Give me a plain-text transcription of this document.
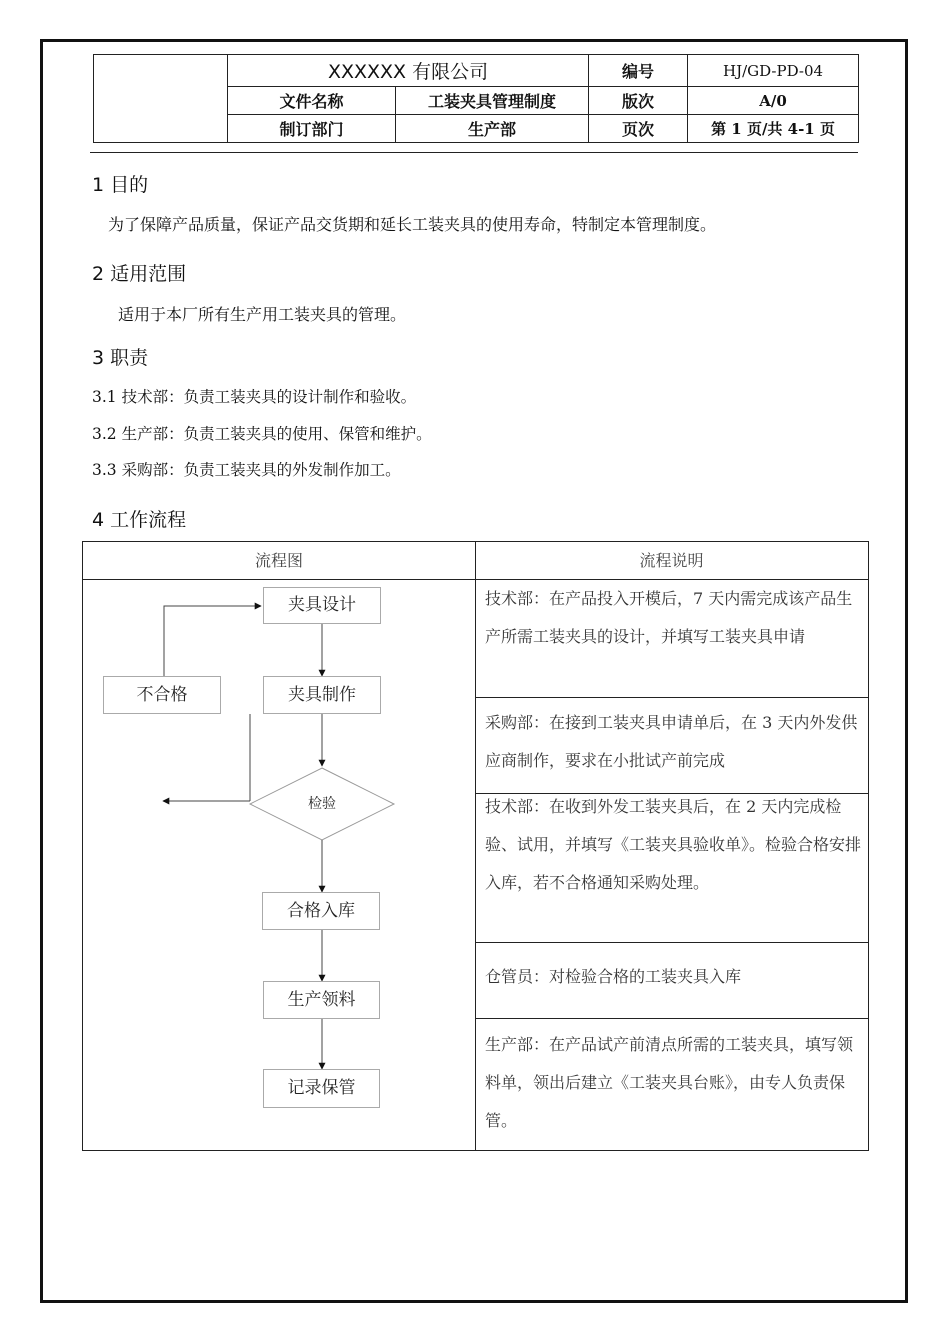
	XXXXXX 有限公司		编号	HJ/GD-PD-04
	文件名称	工装夹具管理制度	版次	A/0
	制订部门	生产部	页次	第 1 页/共 4-1 页
1 目的
为了保障产品质量，保证产品交货期和延长工装夹具的使用寿命，特制定本管理制度。
2 适用范围
适用于本厂所有生产用工装夹具的管理。
3 职责
3.1 技术部：负责工装夹具的设计制作和验收。
3.2 生产部：负责工装夹具的使用、保管和维护。
3.3 采购部：负责工装夹具的外发制作加工。
4 工作流程
流程图	流程说明
技术部：在产品投入开模后，7 天内需完成该产品生产所需工装夹具的设计，并填写工装夹具申请
采购部：在接到工装夹具申请单后，在 3 天内外发供应商制作，要求在小批试产前完成
技术部：在收到外发工装夹具后，在 2 天内完成检验、试用，并填写《工装夹具验收单》。检验合格安排入库，若不合格通知采购处理。
仓管员：对检验合格的工装夹具入库
生产部：在产品试产前清点所需的工装夹具，填写领料单，领出后建立《工装夹具台账》，由专人负责保管。
检验
夹具设计
不合格	夹具制作
合格入库
生产领料
记录保管
